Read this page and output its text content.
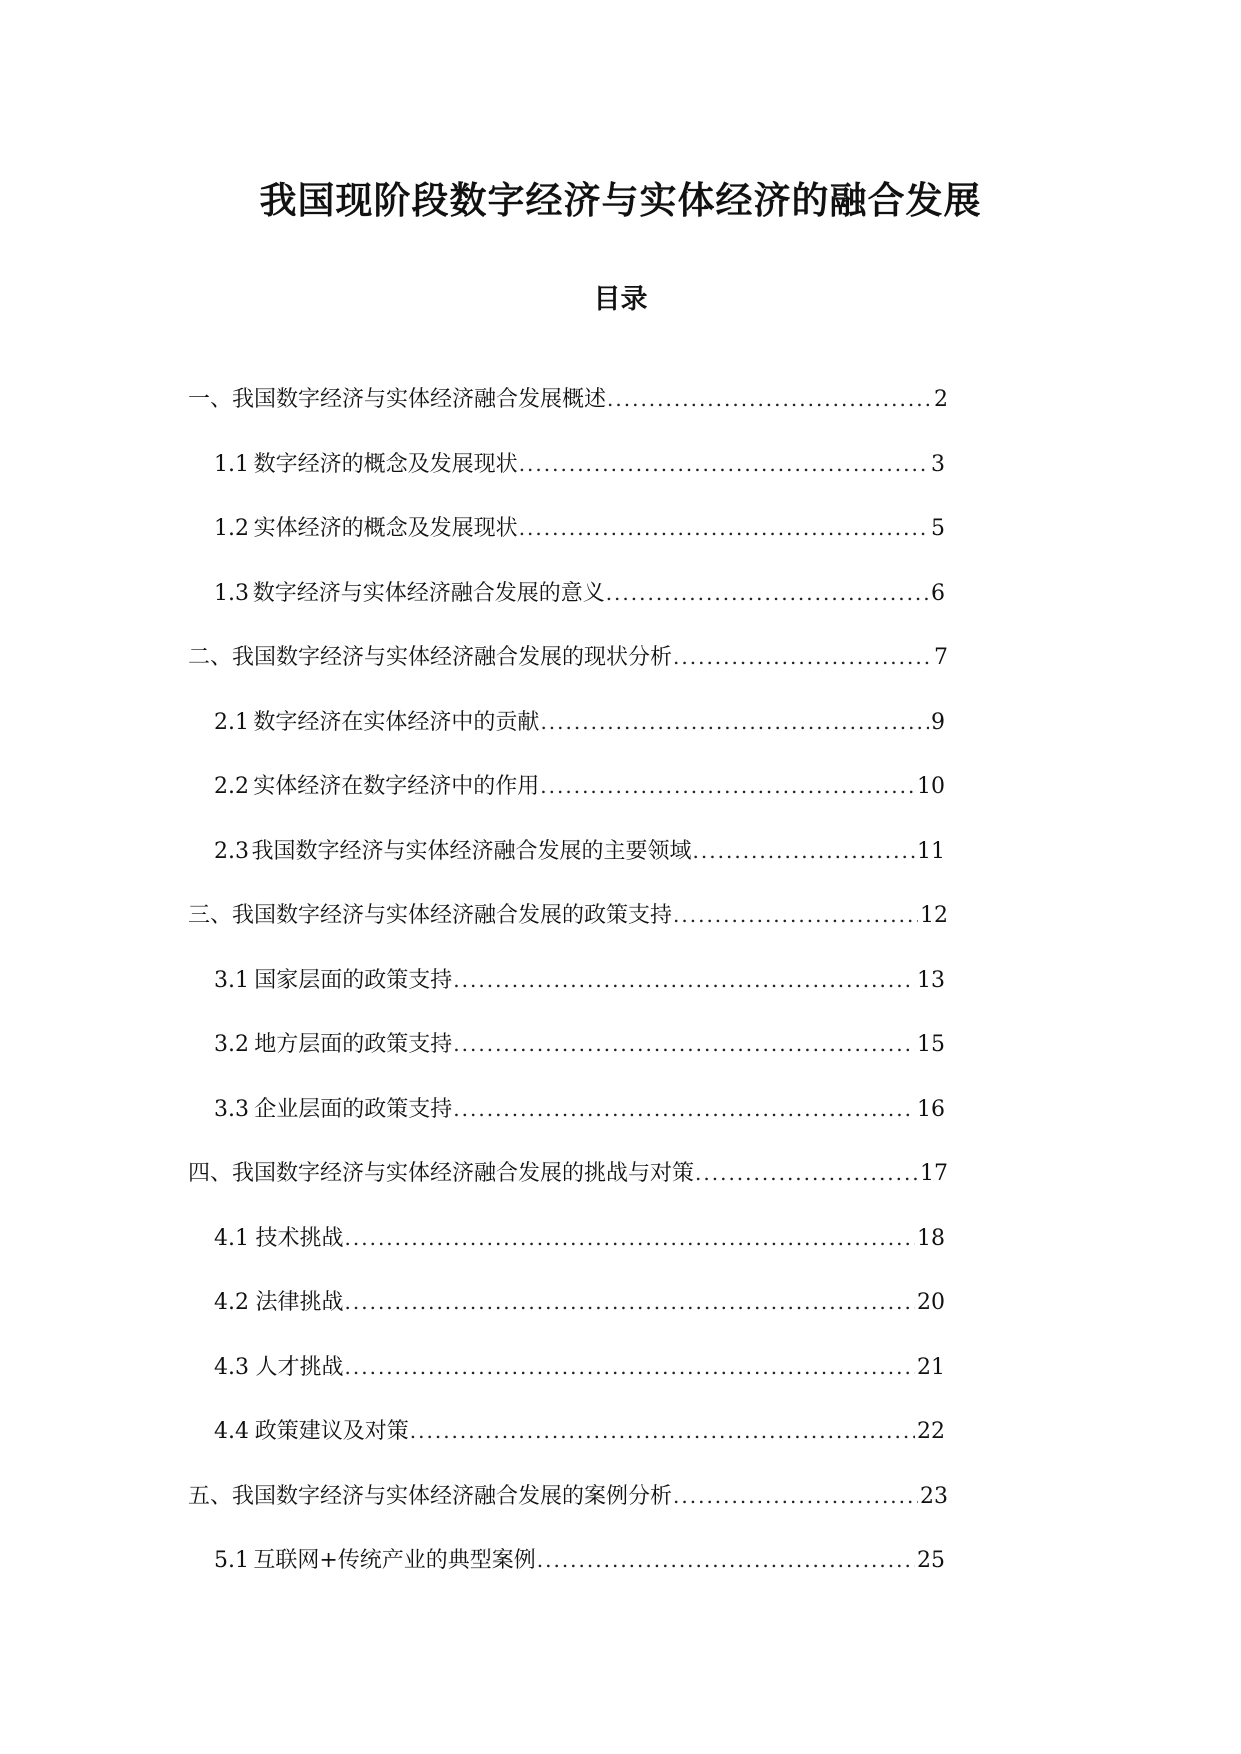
我国现阶段数字经济与实体经济的融合发展
目录
一、我国数字经济与实体经济融合发展概述 .....	2
1.1 数字经济的概念及发展现状 .....	3
1.2 实体经济的概念及发展现状 .....	5
1.3 数字经济与实体经济融合发展的意义 .....	6
二、我国数字经济与实体经济融合发展的现状分析 .....	7
2.1 数字经济在实体经济中的贡献 .....	9
2.2 实体经济在数字经济中的作用 .....	10
2.3 我国数字经济与实体经济融合发展的主要领域 .....	11
三、我国数字经济与实体经济融合发展的政策支持 .....	12
3.1 国家层面的政策支持 .....	13
3.2 地方层面的政策支持 .....	15
3.3 企业层面的政策支持 .....	16
四、我国数字经济与实体经济融合发展的挑战与对策 .....	17
4.1 技术挑战 .....	18
4.2 法律挑战 .....	20
4.3 人才挑战 .....	21
4.4 政策建议及对策 .....	22
五、我国数字经济与实体经济融合发展的案例分析 .....	23
5.1 互联网+传统产业的典型案例 .....	25
